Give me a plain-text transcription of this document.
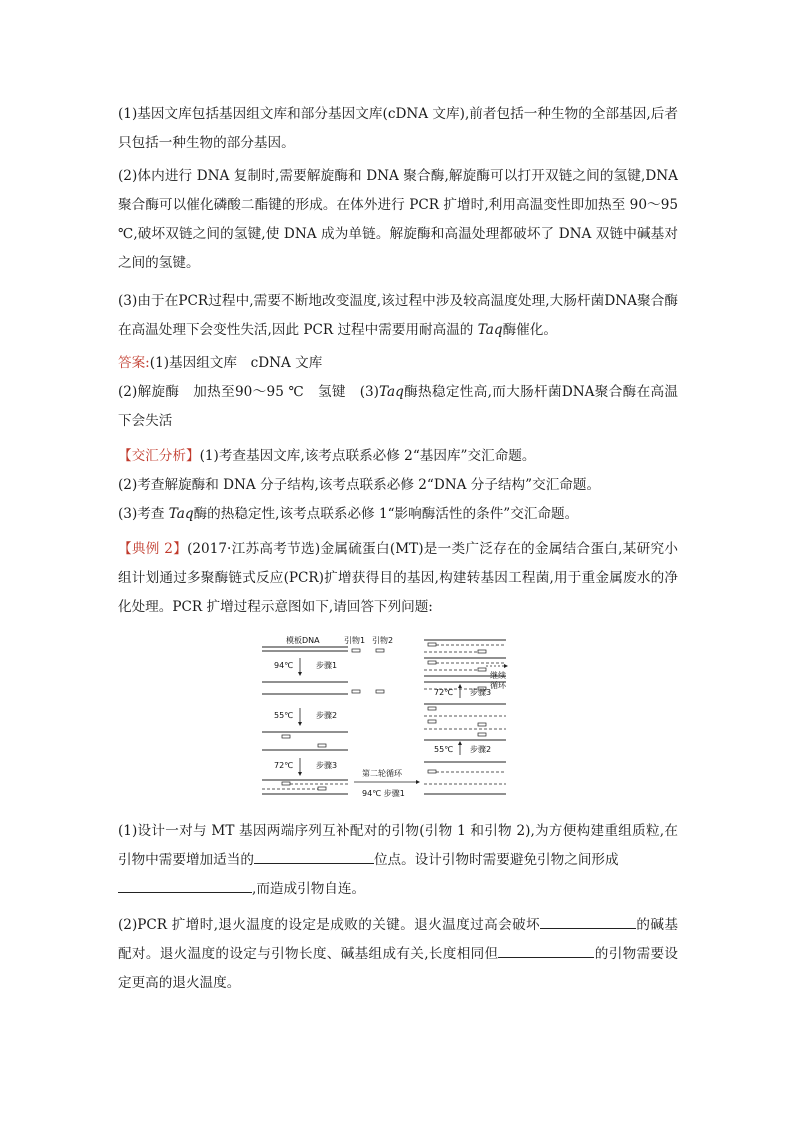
(1)基因文库包括基因组文库和部分基因文库(cDNA 文库),前者包括一种生物的全部基因,后者只包括一种生物的部分基因。

(2)体内进行 DNA 复制时,需要解旋酶和 DNA 聚合酶,解旋酶可以打开双链之间的氢键,DNA 聚合酶可以催化磷酸二酯键的形成。在体外进行 PCR 扩增时,利用高温变性即加热至 90～95 ℃,破坏双链之间的氢键,使 DNA 成为单链。解旋酶和高温处理都破坏了 DNA 双链中碱基对之间的氢键。

(3)由于在PCR过程中,需要不断地改变温度,该过程中涉及较高温度处理,大肠杆菌DNA聚合酶在高温处理下会变性失活,因此 PCR 过程中需要用耐高温的 Taq酶催化。

答案:(1)基因组文库　cDNA 文库

(2)解旋酶　加热至90～95 ℃　氢键　(3)Taq酶热稳定性高,而大肠杆菌DNA聚合酶在高温下会失活

【交汇分析】(1)考查基因文库,该考点联系必修 2“基因库”交汇命题。

(2)考查解旋酶和 DNA 分子结构,该考点联系必修 2“DNA 分子结构”交汇命题。

(3)考查 Taq酶的热稳定性,该考点联系必修 1“影响酶活性的条件”交汇命题。

【典例 2】(2017·江苏高考节选)金属硫蛋白(MT)是一类广泛存在的金属结合蛋白,某研究小组计划通过多聚酶链式反应(PCR)扩增获得目的基因,构建转基因工程菌,用于重金属废水的净化处理。PCR 扩增过程示意图如下,请回答下列问题:

模板DNA
94℃	步骤1
55℃	步骤2
72℃	步骤3
引物1 引物2
第二轮循环
94℃ 步骤1
72℃ 步骤3
55℃ 步骤2
继续
循环

(1)设计一对与 MT 基因两端序列互补配对的引物(引物 1 和引物 2),为方便构建重组质粒,在引物中需要增加适当的	位点。设计引物时需要避免引物之间形成
,而造成引物自连。

(2)PCR 扩增时,退火温度的设定是成败的关键。退火温度过高会破坏	的碱基配对。退火温度的设定与引物长度、碱基组成有关,长度相同但	的引物需要设定更高的退火温度。
